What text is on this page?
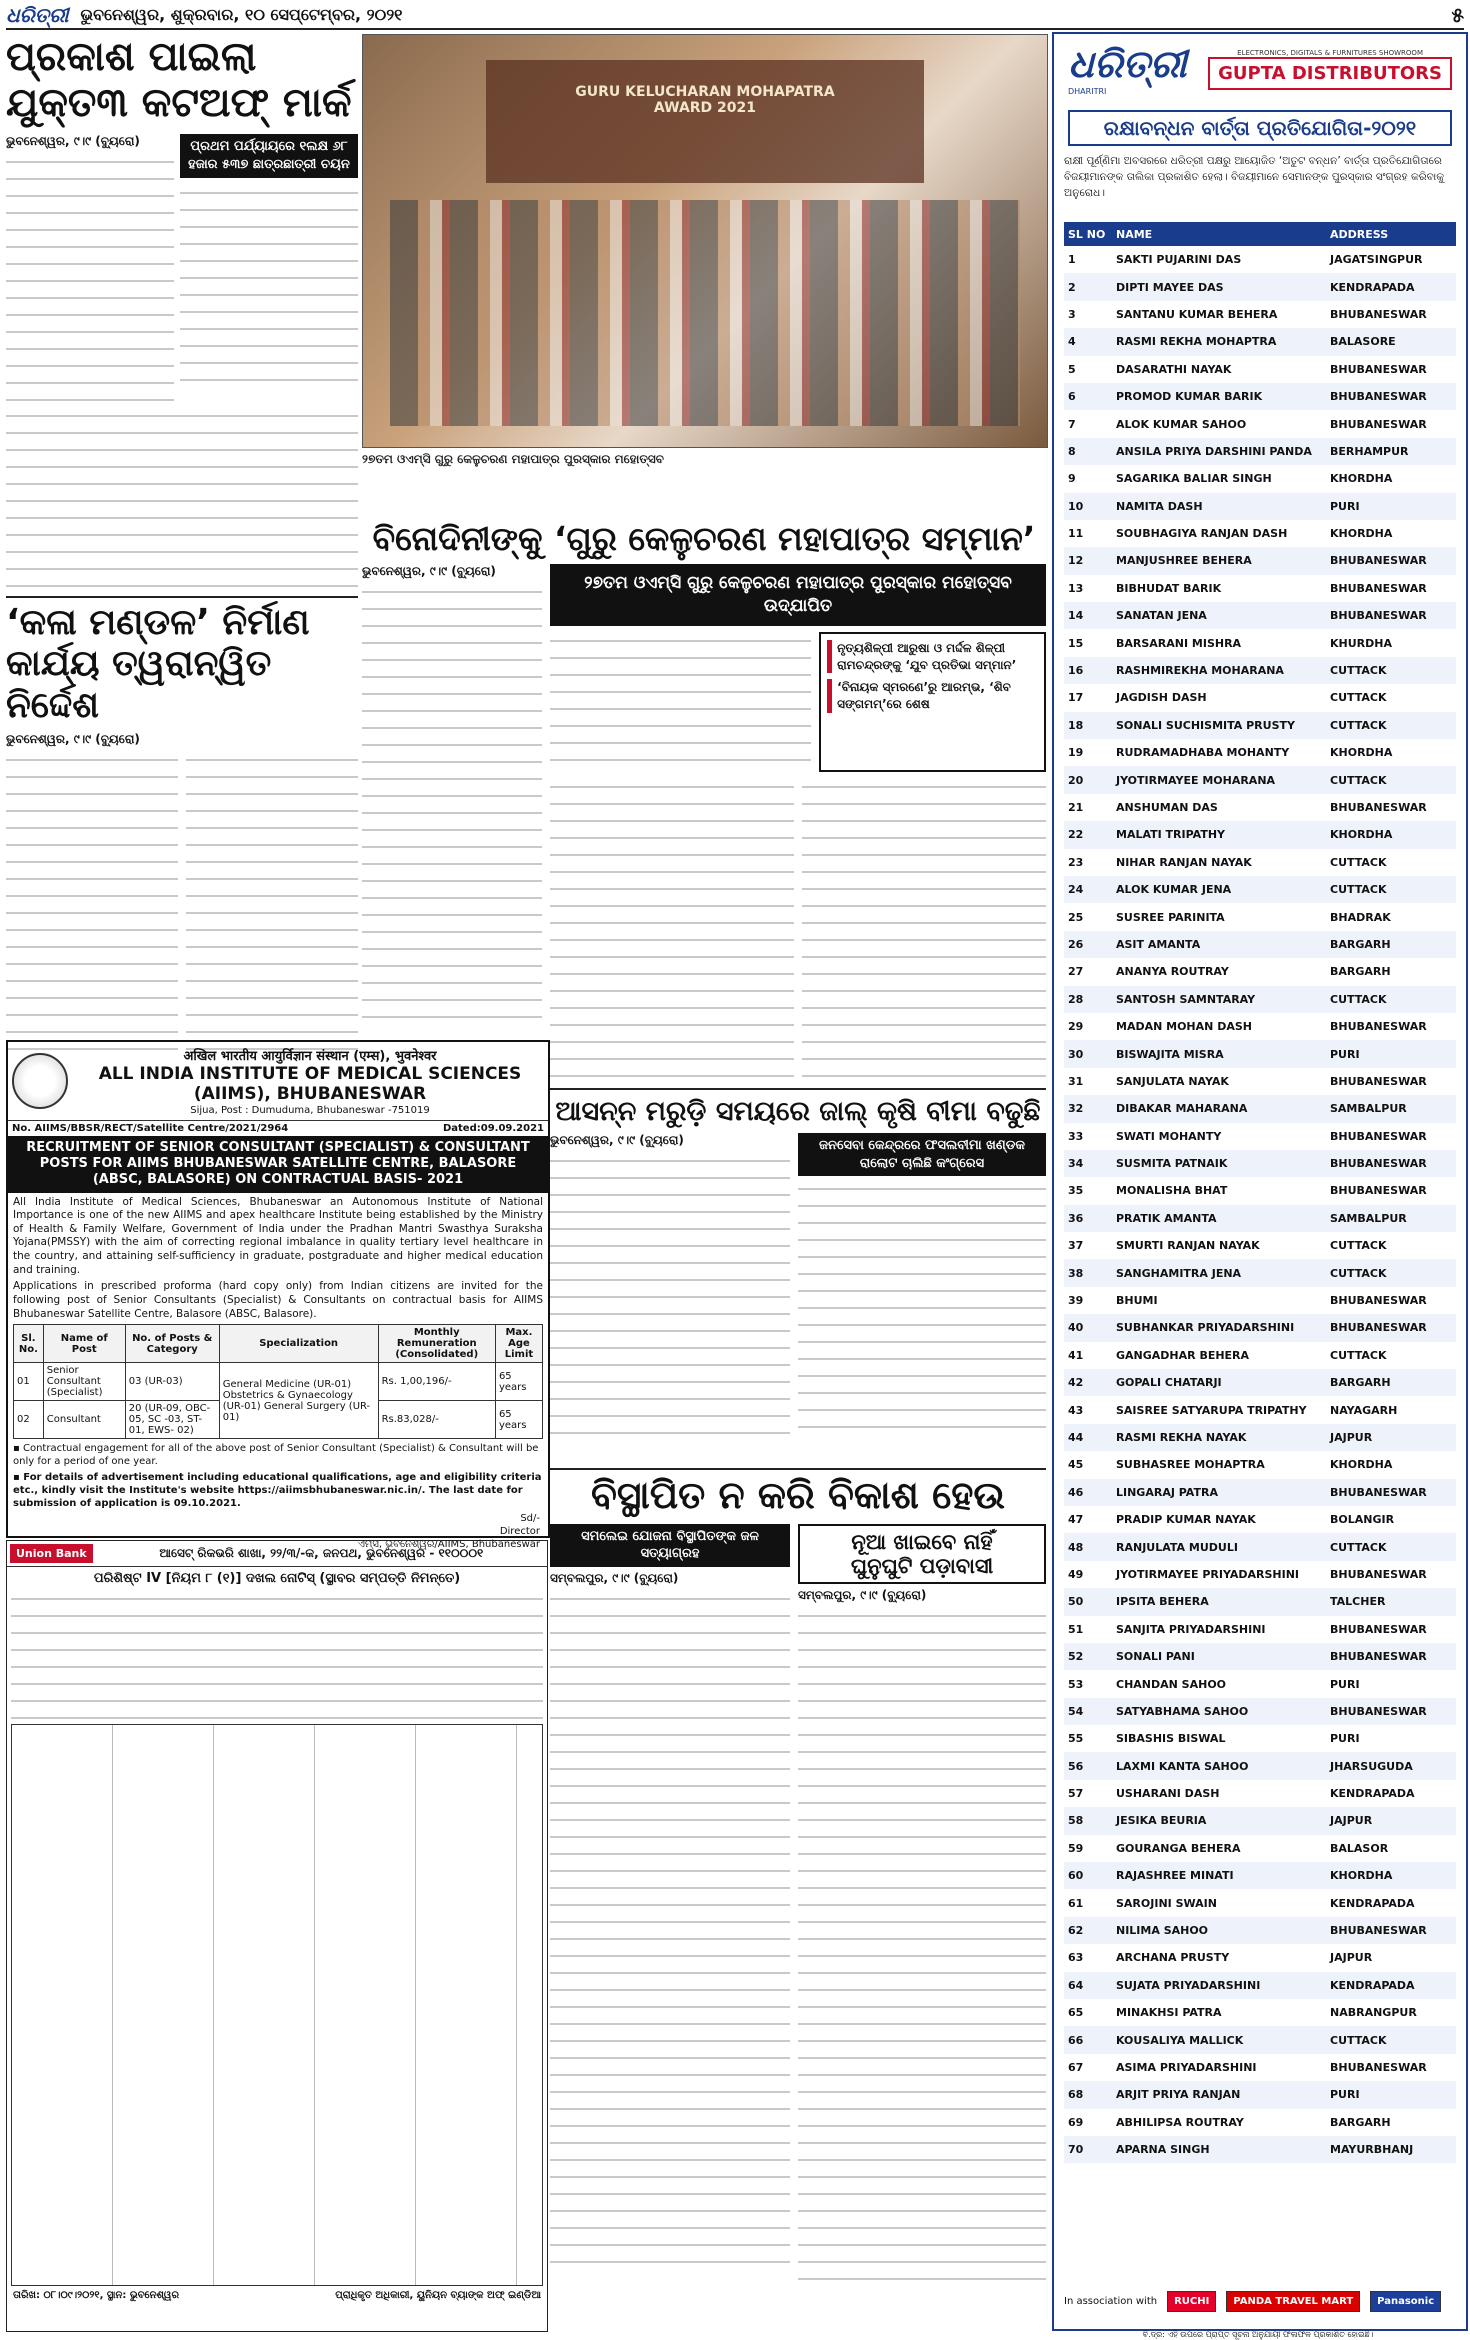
ଧରିତ୍ରୀ ଭୁବନେଶ୍ୱର, ଶୁକ୍ରବାର, ୧୦ ସେପ୍ଟେମ୍ବର, ୨୦୨୧	୫
ପ୍ରକାଶ ପାଇଲା
ଯୁକ୍ତ୩ କଟଅଫ୍ ମାର୍କ
ଭୁବନେଶ୍ୱର, ୯।୯ (ବ୍ୟୁରୋ)	ପ୍ରଥମ ପର୍ଯ୍ୟାୟରେ ୧ଲକ୍ଷ ୬୮ ହଜାର ୫୩୭ ଛାତ୍ରଛାତ୍ରୀ ଚୟନ
‘କଳା ମଣ୍ଡଳ’ ନିର୍ମାଣ
କାର୍ଯ୍ୟ ତ୍ୱରାନ୍ୱିତ ନିର୍ଦ୍ଦେଶ
ଭୁବନେଶ୍ୱର, ୯।୯ (ବ୍ୟୁରୋ)
GURU KELUCHARAN MOHAPATRA AWARD 2021
୨୭ତମ ଓଏମ୍‌ସି ଗୁରୁ କେଳୁଚରଣ ମହାପାତ୍ର ପୁରସ୍କାର ମହୋତ୍ସବ
ବିନୋଦିନୀଙ୍କୁ ‘ଗୁରୁ କେଳୁଚରଣ ମହାପାତ୍ର ସମ୍ମାନ’
ଭୁବନେଶ୍ୱର, ୯।୯ (ବ୍ୟୁରୋ)
୨୭ତମ ଓଏମ୍‌ସି ଗୁରୁ କେଳୁଚରଣ ମହାପାତ୍ର ପୁରସ୍କାର ମହୋତ୍ସବ ଉଦ୍‌ଯାପିତ
ନୃତ୍ୟଶିଳ୍ପୀ ଆରୁଷା ଓ ମର୍ଦ୍ଦଳ ଶିଳ୍ପୀ ରାମଚନ୍ଦ୍ରଙ୍କୁ ‘ଯୁବ ପ୍ରତିଭା ସମ୍ମାନ’
‘ବିନାୟକ ସ୍ମରଣେ’ରୁ ଆରମ୍ଭ, ‘ଶିବ ସଙ୍ଗମମ୍’ରେ ଶେଷ
अखिल भारतीय आयुर्विज्ञान संस्थान (एम्स), भुवनेश्वर
ALL INDIA INSTITUTE OF MEDICAL SCIENCES (AIIMS), BHUBANESWAR
Sijua, Post : Dumuduma, Bhubaneswar -751019
No. AIIMS/BBSR/RECT/Satellite Centre/2021/2964	Dated:09.09.2021
RECRUITMENT OF SENIOR CONSULTANT (SPECIALIST) & CONSULTANT POSTS FOR AIIMS BHUBANESWAR SATELLITE CENTRE, BALASORE (ABSC, BALASORE) ON CONTRACTUAL BASIS- 2021
All India Institute of Medical Sciences, Bhubaneswar an Autonomous Institute of National Importance is one of the new AIIMS and apex healthcare Institute being established by the Ministry of Health & Family Welfare, Government of India under the Pradhan Mantri Swasthya Suraksha Yojana(PMSSY) with the aim of correcting regional imbalance in quality tertiary level healthcare in the country, and attaining self-sufficiency in graduate, postgraduate and higher medical education and training.
Applications in prescribed proforma (hard copy only) from Indian citizens are invited for the following post of Senior Consultants (Specialist) & Consultants on contractual basis for AIIMS Bhubaneswar Satellite Centre, Balasore (ABSC, Balasore).
Sl. No.	Name of Post	No. of Posts & Category	Specialization	Monthly Remuneration (Consolidated)	Max. Age Limit
01	Senior Consultant (Specialist)	03 (UR-03)	General Medicine (UR-01) Obstetrics & Gynaecology (UR-01) General Surgery (UR-01)	Rs. 1,00,196/-	65 years
02	Consultant	20 (UR-09, OBC- 05, SC -03, ST-01, EWS- 02)		Rs.83,028/-	65 years
▪ Contractual engagement for all of the above post of Senior Consultant (Specialist) & Consultant will be only for a period of one year.
▪ For details of advertisement including educational qualifications, age and eligibility criteria etc., kindly visit the Institute's website https://aiimsbhubaneswar.nic.in/. The last date for submission of application is 09.10.2021.
Sd/-
Director
ଏମ୍ସ, ଭୁବନେଶ୍ୱର/AIIMS, Bhubaneswar
Union Bank	ଆସେଟ୍ ରିକଭରି ଶାଖା, ୨୨/୩/-କ, ଜନପଥ, ଭୁବନେଶ୍ୱର - ୧୧୦୦୦୧
ପରିଶିଷ୍ଟ IV [ନିୟମ ୮ (୧)] ଦଖଲ ନୋଟିସ୍ (ସ୍ଥାବର ସମ୍ପତ୍ତି ନିମନ୍ତେ)
ତାରିଖ: ୦୮।୦୯।୨୦୨୧, ସ୍ଥାନ: ଭୁବନେଶ୍ୱର	ପ୍ରାଧିକୃତ ଅଧିକାରୀ, ୟୁନିୟନ ବ୍ୟାଙ୍କ ଅଫ୍ ଇଣ୍ଡିଆ
ଆସନ୍ନ ମରୁଡ଼ି ସମୟରେ ଜାଲ୍ କୃଷି ବୀମା ବଢୁଛି
ଭୁବନେଶ୍ୱର, ୯।୯ (ବ୍ୟୁରୋ)	ଜନସେବା କେନ୍ଦ୍ରରେ ଫସଲବୀମା ଖଣ୍ଡକ ରାଲୋଟ ଚାଲିଛି କଂଗ୍ରେସ
ବିସ୍ଥାପିତ ନ କରି ବିକାଶ ହେଉ
ସମଲେଇ ଯୋଜନା ବିସ୍ଥାପିତଙ୍କ ଜଳ ସତ୍ୟାଗ୍ରହ
ସମ୍ବଲପୁର, ୯।୯ (ବ୍ୟୁରୋ)
ନୂଆ ଖାଇବେ ନାହିଁ
ଘୁନୁଘୁଟି ପଡ଼ାବାସୀ
ସମ୍ବଲପୁର, ୯।୯ (ବ୍ୟୁରୋ)
ଧରିତ୍ରୀ
DHARITRI
ELECTRONICS, DIGITALS & FURNITURES SHOWROOM
GUPTA DISTRIBUTORS
ରକ୍ଷାବନ୍ଧନ ବାର୍ତ୍ତା ପ୍ରତିଯୋଗିତା-୨୦୨୧
ରାକ୍ଷୀ ପୂର୍ଣ୍ଣିମା ଅବସରରେ ଧରିତ୍ରୀ ପକ୍ଷରୁ ଆୟୋଜିତ ‘ଅତୁଟ ବନ୍ଧନ’ ବାର୍ତ୍ତା ପ୍ରତିଯୋଗିତାରେ ବିଜୟୀମାନଙ୍କ ତାଲିକା ପ୍ରକାଶିତ ହେଲା। ବିଜୟୀମାନେ ସେମାନଙ୍କ ପୁରସ୍କାର ସଂଗ୍ରହ କରିବାକୁ ଅନୁରୋଧ।
SL NO	NAME	ADDRESS
1	SAKTI PUJARINI DAS	JAGATSINGPUR
2	DIPTI MAYEE DAS	KENDRAPADA
3	SANTANU KUMAR BEHERA	BHUBANESWAR
4	RASMI REKHA MOHAPTRA	BALASORE
5	DASARATHI NAYAK	BHUBANESWAR
6	PROMOD KUMAR BARIK	BHUBANESWAR
7	ALOK KUMAR SAHOO	BHUBANESWAR
8	ANSILA PRIYA DARSHINI PANDA	BERHAMPUR
9	SAGARIKA BALIAR SINGH	KHORDHA
10	NAMITA DASH	PURI
11	SOUBHAGIYA RANJAN DASH	KHORDHA
12	MANJUSHREE BEHERA	BHUBANESWAR
13	BIBHUDAT BARIK	BHUBANESWAR
14	SANATAN JENA	BHUBANESWAR
15	BARSARANI MISHRA	KHURDHA
16	RASHMIREKHA MOHARANA	CUTTACK
17	JAGDISH DASH	CUTTACK
18	SONALI SUCHISMITA PRUSTY	CUTTACK
19	RUDRAMADHABA MOHANTY	KHORDHA
20	JYOTIRMAYEE MOHARANA	CUTTACK
21	ANSHUMAN DAS	BHUBANESWAR
22	MALATI TRIPATHY	KHORDHA
23	NIHAR RANJAN NAYAK	CUTTACK
24	ALOK KUMAR JENA	CUTTACK
25	SUSREE PARINITA	BHADRAK
26	ASIT AMANTA	BARGARH
27	ANANYA ROUTRAY	BARGARH
28	SANTOSH SAMNTARAY	CUTTACK
29	MADAN MOHAN DASH	BHUBANESWAR
30	BISWAJITA MISRA	PURI
31	SANJULATA NAYAK	BHUBANESWAR
32	DIBAKAR MAHARANA	SAMBALPUR
33	SWATI MOHANTY	BHUBANESWAR
34	SUSMITA PATNAIK	BHUBANESWAR
35	MONALISHA BHAT	BHUBANESWAR
36	PRATIK AMANTA	SAMBALPUR
37	SMURTI RANJAN NAYAK	CUTTACK
38	SANGHAMITRA JENA	CUTTACK
39	BHUMI	BHUBANESWAR
40	SUBHANKAR PRIYADARSHINI	BHUBANESWAR
41	GANGADHAR BEHERA	CUTTACK
42	GOPALI CHATARJI	BARGARH
43	SAISREE SATYARUPA TRIPATHY	NAYAGARH
44	RASMI REKHA NAYAK	JAJPUR
45	SUBHASREE MOHAPTRA	KHORDHA
46	LINGARAJ PATRA	BHUBANESWAR
47	PRADIP KUMAR NAYAK	BOLANGIR
48	RANJULATA MUDULI	CUTTACK
49	JYOTIRMAYEE PRIYADARSHINI	BHUBANESWAR
50	IPSITA BEHERA	TALCHER
51	SANJITA PRIYADARSHINI	BHUBANESWAR
52	SONALI PANI	BHUBANESWAR
53	CHANDAN SAHOO	PURI
54	SATYABHAMA SAHOO	BHUBANESWAR
55	SIBASHIS BISWAL	PURI
56	LAXMI KANTA SAHOO	JHARSUGUDA
57	USHARANI DASH	KENDRAPADA
58	JESIKA BEURIA	JAJPUR
59	GOURANGA BEHERA	BALASOR
60	RAJASHREE MINATI	KHORDHA
61	SAROJINI SWAIN	KENDRAPADA
62	NILIMA SAHOO	BHUBANESWAR
63	ARCHANA PRUSTY	JAJPUR
64	SUJATA PRIYADARSHINI	KENDRAPADA
65	MINAKHSI PATRA	NABRANGPUR
66	KOUSALIYA MALLICK	CUTTACK
67	ASIMA PRIYADARSHINI	BHUBANESWAR
68	ARJIT PRIYA RANJAN	PURI
69	ABHILIPSA ROUTRAY	BARGARH
70	APARNA SINGH	MAYURBHANJ
In association with	RUCHI	PANDA TRAVEL MART	Panasonic
ବି.ଦ୍ର: ଏହି ଉପରେ ପ୍ରାପ୍ତ ସୂଚନା ଅନୁଯାୟୀ ଫଳାଫଳ ପ୍ରକାଶିତ ହୋଇଛି।
